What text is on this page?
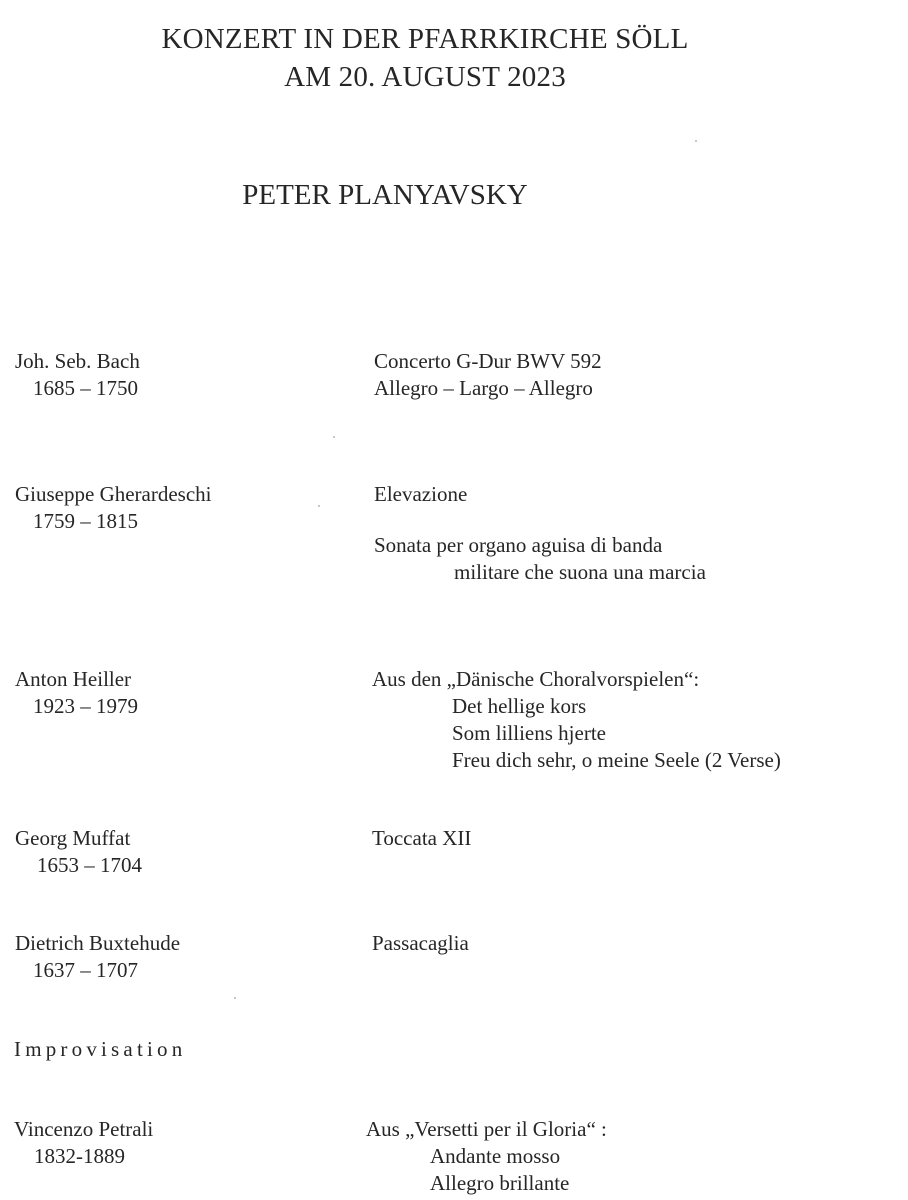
KONZERT IN DER PFARRKIRCHE SÖLL
AM 20. AUGUST 2023
PETER PLANYAVSKY
Joh. Seb. Bach
1685 – 1750
Concerto G-Dur BWV 592
Allegro – Largo – Allegro
Giuseppe Gherardeschi
1759 – 1815
Elevazione
Sonata per organo aguisa di banda
militare che suona una marcia
Anton Heiller
1923 – 1979
Aus den „Dänische Choralvorspielen“:
Det hellige kors
Som lilliens hjerte
Freu dich sehr, o meine Seele (2 Verse)
Georg Muffat
1653 – 1704
Toccata XII
Dietrich Buxtehude
1637 – 1707
Passacaglia
Improvisation
Vincenzo Petrali
1832-1889
Aus „Versetti per il Gloria“ :
Andante mosso
Allegro brillante
